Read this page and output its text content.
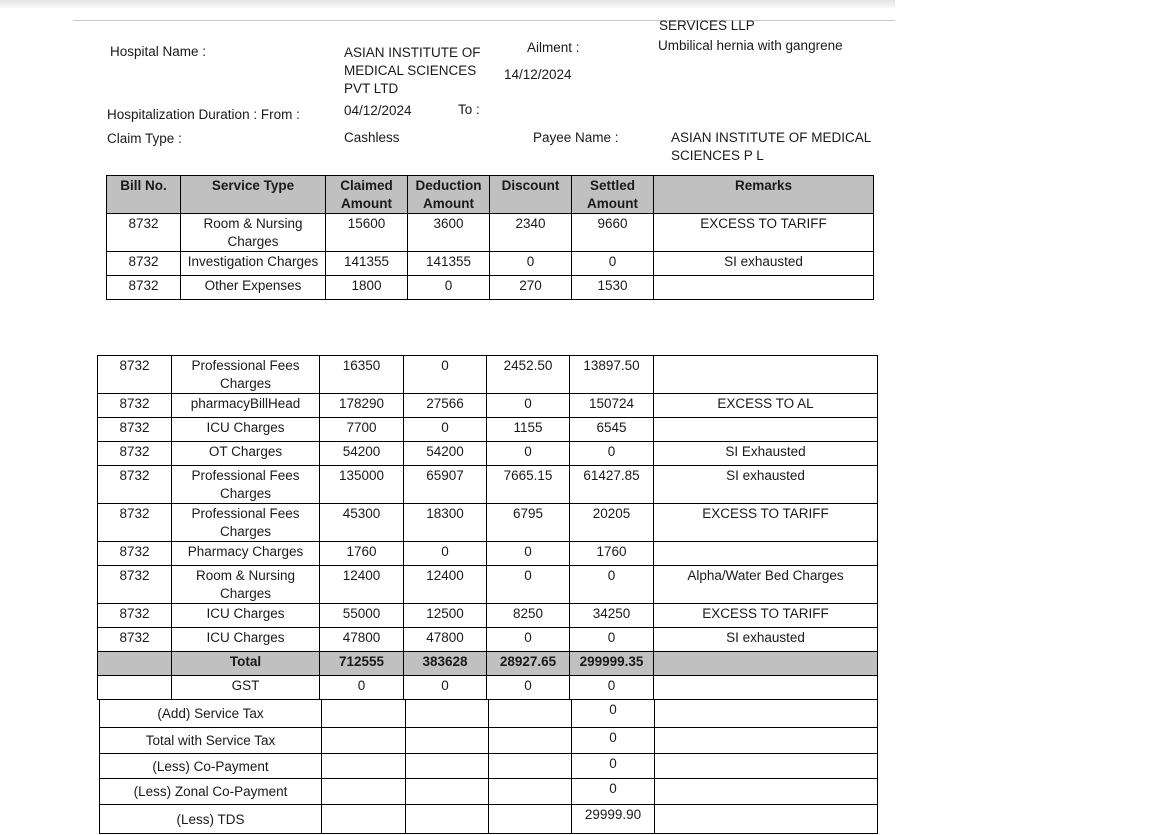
SERVICES LLP
Hospital Name :	ASIAN INSTITUTE OF MEDICAL SCIENCES PVT LTD
Ailment :	Umbilical hernia with gangrene
14/12/2024
Hospitalization Duration : From :	04/12/2024	To :
Claim Type :	Cashless	Payee Name :	ASIAN INSTITUTE OF MEDICAL SCIENCES P L
Bill No.	Service Type	Claimed Amount	Deduction Amount	Discount	Settled Amount	Remarks
8732	Room & Nursing Charges	15600	3600	2340	9660	EXCESS TO TARIFF
8732	Investigation Charges	141355	141355	0	0	SI exhausted
8732	Other Expenses	1800	0	270	1530	
8732	Professional Fees Charges	16350	0	2452.50	13897.50	
8732	pharmacyBillHead	178290	27566	0	150724	EXCESS TO AL
8732	ICU Charges	7700	0	1155	6545	
8732	OT Charges	54200	54200	0	0	SI Exhausted
8732	Professional Fees Charges	135000	65907	7665.15	61427.85	SI exhausted
8732	Professional Fees Charges	45300	18300	6795	20205	EXCESS TO TARIFF
8732	Pharmacy Charges	1760	0	0	1760	
8732	Room & Nursing Charges	12400	12400	0	0	Alpha/Water Bed Charges
8732	ICU Charges	55000	12500	8250	34250	EXCESS TO TARIFF
8732	ICU Charges	47800	47800	0	0	SI exhausted
	Total	712555	383628	28927.65	299999.35	
	GST	0	0	0	0	
(Add) Service Tax				0	
Total with Service Tax				0	
(Less) Co-Payment				0	
(Less) Zonal Co-Payment				0	
(Less) TDS				29999.90	
